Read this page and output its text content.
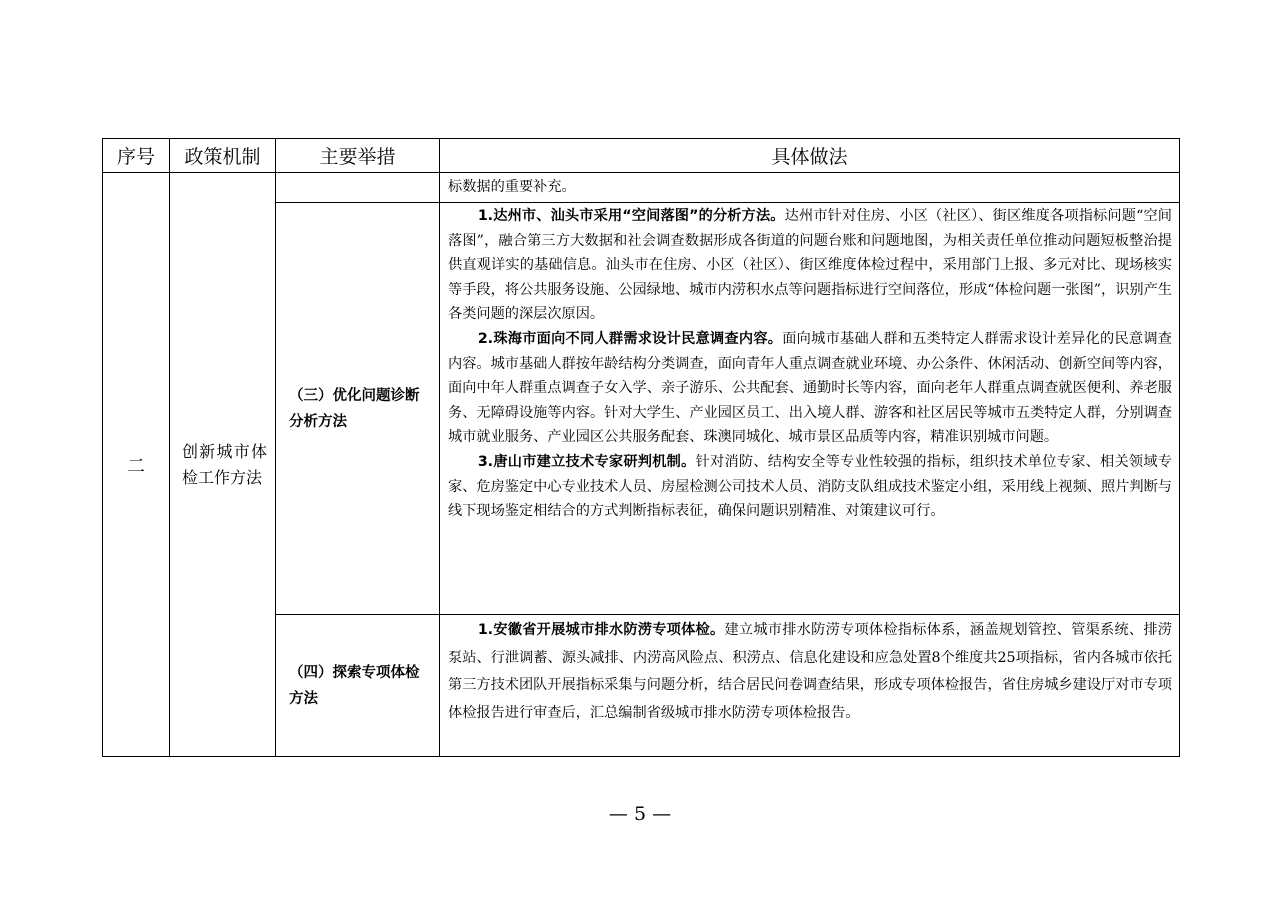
序号	政策机制	主要举措	具体做法
二	创新城市体检工作方法		标数据的重要补充。

		（三）优化问题诊断分析方法	1.达州市、汕头市采用“空间落图”的分析方法。达州市针对住房、小区（社区）、街区维度各项指标问题“空间落图”，融合第三方大数据和社会调查数据形成各街道的问题台账和问题地图，为相关责任单位推动问题短板整治提供直观详实的基础信息。汕头市在住房、小区（社区）、街区维度体检过程中，采用部门上报、多元对比、现场核实等手段，将公共服务设施、公园绿地、城市内涝积水点等问题指标进行空间落位，形成“体检问题一张图”，识别产生各类问题的深层次原因。

2.珠海市面向不同人群需求设计民意调查内容。面向城市基础人群和五类特定人群需求设计差异化的民意调查内容。城市基础人群按年龄结构分类调查，面向青年人重点调查就业环境、办公条件、休闲活动、创新空间等内容，面向中年人群重点调查子女入学、亲子游乐、公共配套、通勤时长等内容，面向老年人群重点调查就医便利、养老服务、无障碍设施等内容。针对大学生、产业园区员工、出入境人群、游客和社区居民等城市五类特定人群，分别调查城市就业服务、产业园区公共服务配套、珠澳同城化、城市景区品质等内容，精准识别城市问题。

3.唐山市建立技术专家研判机制。针对消防、结构安全等专业性较强的指标，组织技术单位专家、相关领域专家、危房鉴定中心专业技术人员、房屋检测公司技术人员、消防支队组成技术鉴定小组，采用线上视频、照片判断与线下现场鉴定相结合的方式判断指标表征，确保问题识别精准、对策建议可行。

		（四）探索专项体检方法	1.安徽省开展城市排水防涝专项体检。建立城市排水防涝专项体检指标体系，涵盖规划管控、管渠系统、排涝泵站、行泄调蓄、源头减排、内涝高风险点、积涝点、信息化建设和应急处置8个维度共25项指标，省内各城市依托第三方技术团队开展指标采集与问题分析，结合居民问卷调查结果，形成专项体检报告，省住房城乡建设厅对市专项体检报告进行审查后，汇总编制省级城市排水防涝专项体检报告。

— 5 —
